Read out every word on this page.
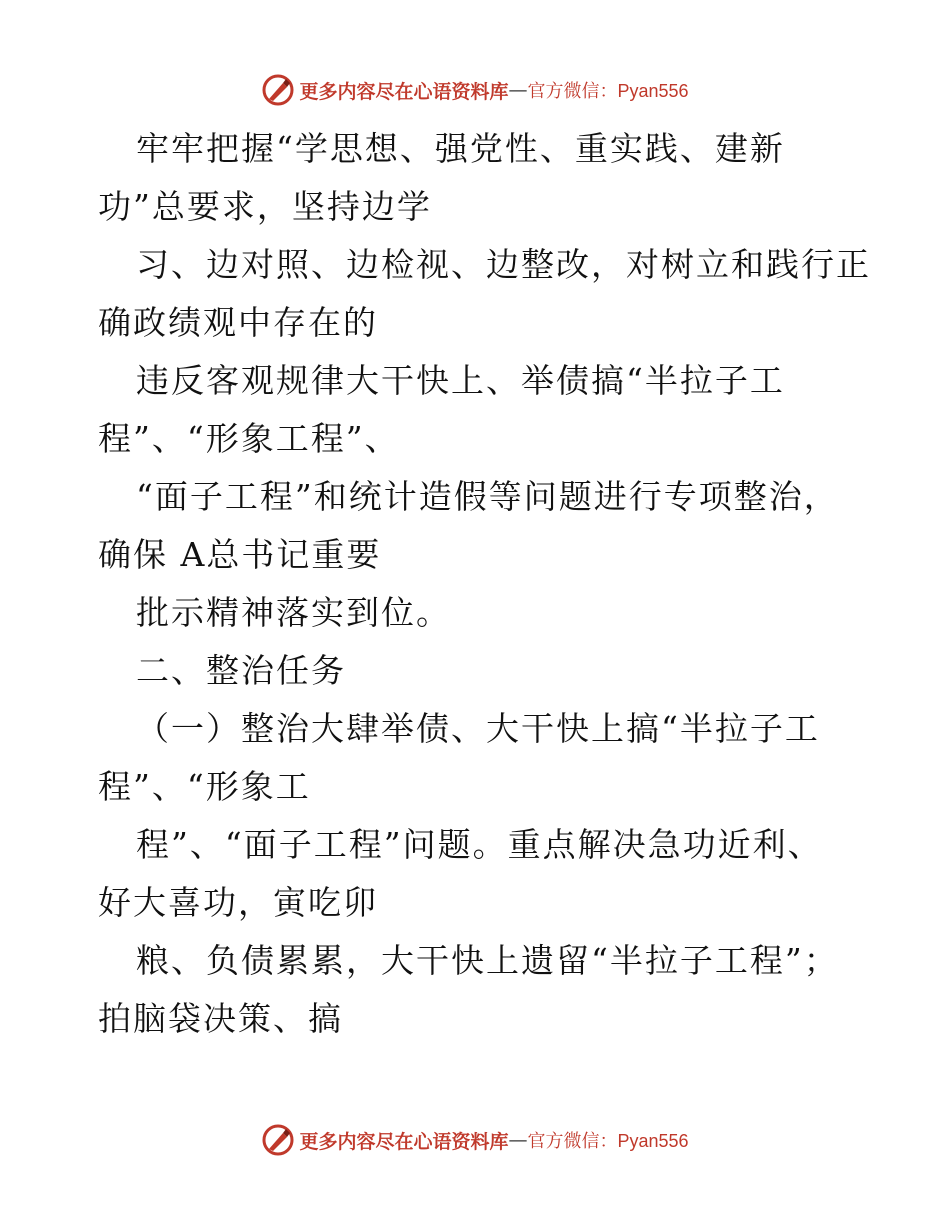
更多内容尽在心语资料库 — 官方微信：Pyan556
牢牢把握“学思想、强党性、重实践、建新
功”总要求，坚持边学
习、边对照、边检视、边整改，对树立和践行正
确政绩观中存在的
违反客观规律大干快上、举债搞“半拉子工
程”、“形象工程”、
“面子工程”和统计造假等问题进行专项整治，
确保 A总书记重要
批示精神落实到位。
二、整治任务
（一）整治大肆举债、大干快上搞“半拉子工
程”、“形象工
程”、“面子工程”问题。重点解决急功近利、
好大喜功，寅吃卯
粮、负债累累，大干快上遗留“半拉子工程”；
拍脑袋决策、搞
更多内容尽在心语资料库 — 官方微信：Pyan556
